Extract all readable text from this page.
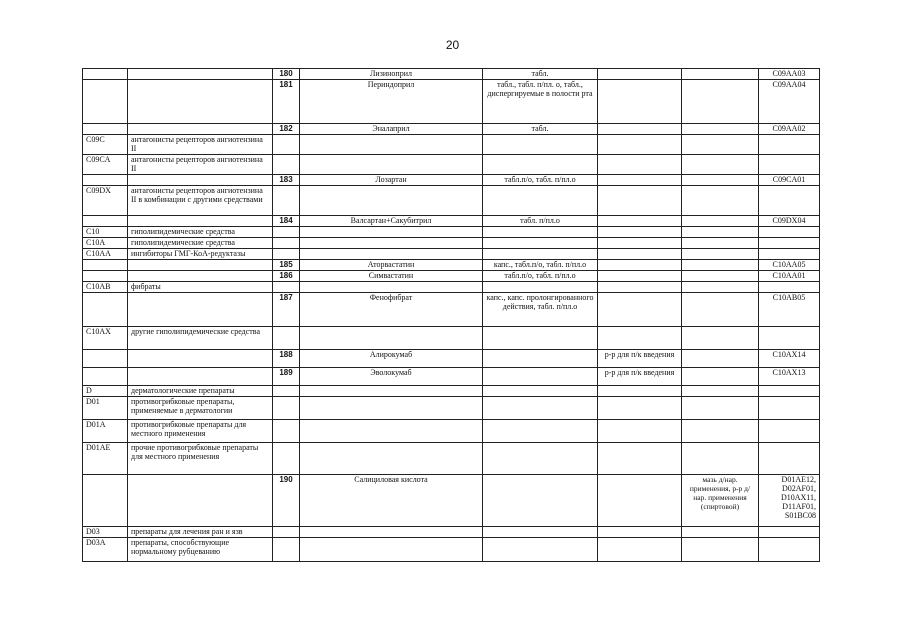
20
		180	Лизиноприл	табл.			C09AA03
		181	Периндоприл	табл., табл. п/пл. о, табл., диспергируемые в полости рта			C09AA04
		182	Эналаприл	табл.			C09AA02
C09C	антагонисты рецепторов ангиотензина II						
C09CA	антагонисты рецепторов ангиотензина II						
		183	Лозартан	табл.п/о, табл. п/пл.о			C09CA01
C09DX	антагонисты рецепторов ангиотензина II в комбинации с другими средствами						
		184	Валсартан+Сакубитрил	табл. п/пл.о			C09DX04
C10	гиполипидемические средства						
C10A	гиполипидемические средства						
C10AA	ингибиторы ГМГ-КоА-редуктазы						
		185	Аторвастатин	капс., табл.п/о, табл. п/пл.о			C10AA05
		186	Симвастатин	табл.п/о, табл. п/пл.о			C10AA01
C10AB	фибраты						
		187	Фенофибрат	капс., капс. пролонгированного действия, табл. п/пл.о			C10AB05
C10AX	другие гиполипидемические средства						
		188	Алирокумаб		р-р для п/к введения		C10AX14
		189	Эволокумаб		р-р для п/к введения		C10AX13
D	дерматологические препараты						
D01	противогрибковые препараты, применяемые в дерматологии						
D01A	противогрибковые препараты для местного применения						
D01AE	прочие противогрибковые препараты для местного применения						
		190	Салициловая кислота			мазь д/нар. применения, р-р д/нар. применения (спиртовой)	D01AE12, D02AF01, D10AX11, D11AF01, S01BC08
D03	препараты для лечения ран и язв						
D03A	препараты, способствующие нормальному рубцеванию						
